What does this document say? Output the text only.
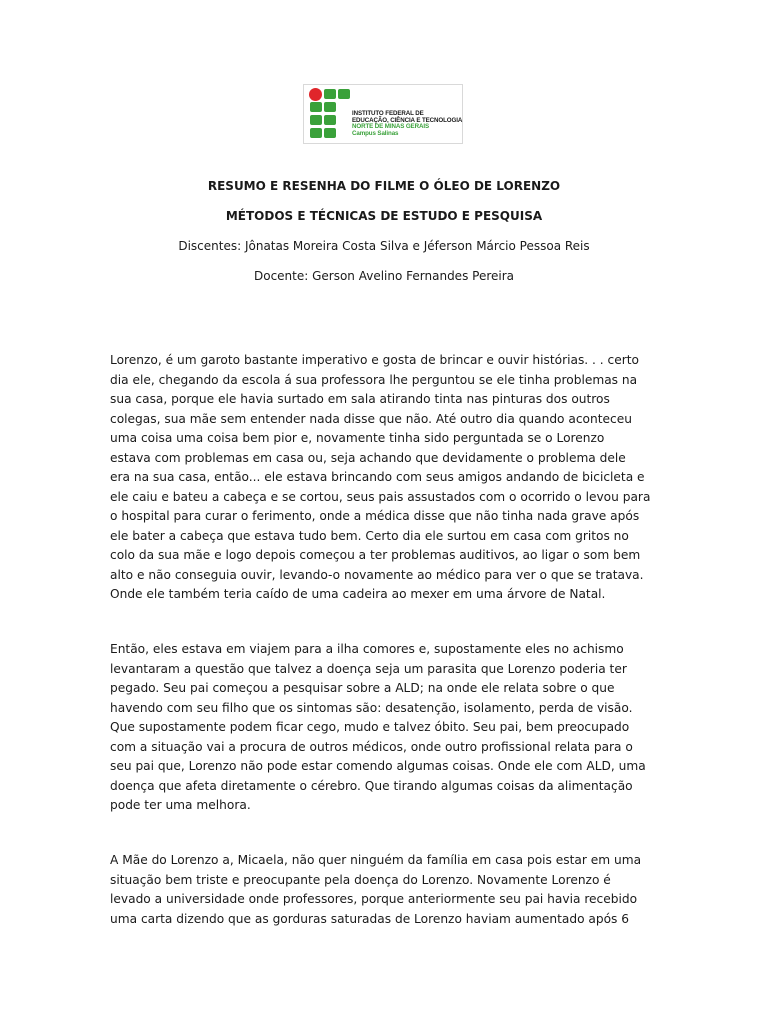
INSTITUTO FEDERAL DE
EDUCAÇÃO, CIÊNCIA E TECNOLOGIA
NORTE DE MINAS GERAIS
Campus Salinas
RESUMO E RESENHA DO FILME O ÓLEO DE LORENZO
MÉTODOS E TÉCNICAS DE ESTUDO E PESQUISA
Discentes: Jônatas Moreira Costa Silva e Jéferson Márcio Pessoa Reis
Docente: Gerson Avelino Fernandes Pereira
Lorenzo, é um garoto bastante imperativo e gosta de brincar e ouvir histórias. . . certo
dia ele, chegando da escola á sua professora lhe perguntou se ele tinha problemas na
sua casa, porque ele havia surtado em sala atirando tinta nas pinturas dos outros
colegas, sua mãe sem entender nada disse que não. Até outro dia quando aconteceu
uma coisa uma coisa bem pior e, novamente tinha sido perguntada se o Lorenzo
estava com problemas em casa ou, seja achando que devidamente o problema dele
era na sua casa, então... ele estava brincando com seus amigos andando de bicicleta e
ele caiu e bateu a cabeça e se cortou, seus pais assustados com o ocorrido o levou para
o hospital para curar o ferimento, onde a médica disse que não tinha nada grave após
ele bater a cabeça que estava tudo bem. Certo dia ele surtou em casa com gritos no
colo da sua mãe e logo depois começou a ter problemas auditivos, ao ligar o som bem
alto e não conseguia ouvir, levando-o novamente ao médico para ver o que se tratava.
Onde ele também teria caído de uma cadeira ao mexer em uma árvore de Natal.
Então, eles estava em viajem para a ilha comores e, supostamente eles no achismo
levantaram a questão que talvez a doença seja um parasita que Lorenzo poderia ter
pegado. Seu pai começou a pesquisar sobre a ALD; na onde ele relata sobre o que
havendo com seu filho que os sintomas são: desatenção, isolamento, perda de visão.
Que supostamente podem ficar cego, mudo e talvez óbito. Seu pai, bem preocupado
com a situação vai a procura de outros médicos, onde outro profissional relata para o
seu pai que, Lorenzo não pode estar comendo algumas coisas. Onde ele com ALD, uma
doença que afeta diretamente o cérebro. Que tirando algumas coisas da alimentação
pode ter uma melhora.
A Mãe do Lorenzo a, Micaela, não quer ninguém da família em casa pois estar em uma
situação bem triste e preocupante pela doença do Lorenzo. Novamente Lorenzo é
levado a universidade onde professores, porque anteriormente seu pai havia recebido
uma carta dizendo que as gorduras saturadas de Lorenzo haviam aumentado após 6
